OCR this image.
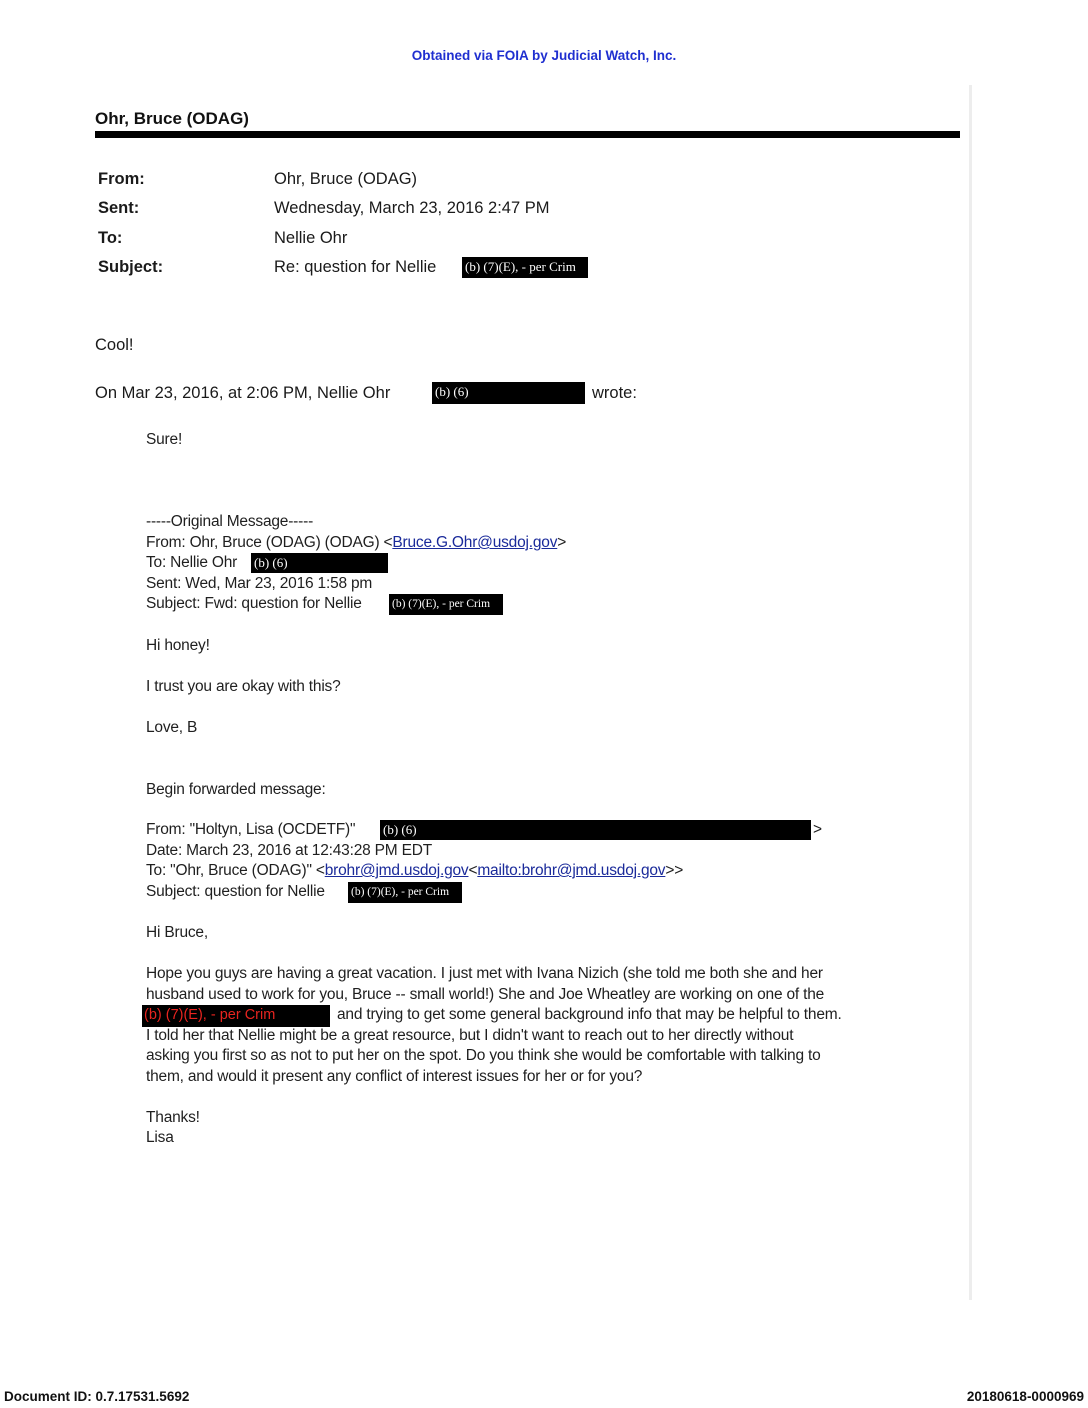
Obtained via FOIA by Judicial Watch, Inc.
Ohr, Bruce (ODAG)
From:	Ohr, Bruce (ODAG)
Sent:	Wednesday, March 23, 2016 2:47 PM
To:	Nellie Ohr
Subject:	Re: question for Nellie (b) (7)(E), - per Crim
Cool!
On Mar 23, 2016, at 2:06 PM, Nellie Ohr	(b) (6)	wrote:
Sure!
-----Original Message-----
From: Ohr, Bruce (ODAG) (ODAG) <Bruce.G.Ohr@usdoj.gov>
To: Nellie Ohr (b) (6)
Sent: Wed, Mar 23, 2016 1:58 pm
Subject: Fwd: question for Nellie	(b) (7)(E), - per Crim
Hi honey!
I trust you are okay with this?
Love, B
Begin forwarded message:
From: "Holtyn, Lisa (OCDETF)" (b) (6)	>
Date: March 23, 2016 at 12:43:28 PM EDT
To: "Ohr, Bruce (ODAG)" <brohr@jmd.usdoj.gov<mailto:brohr@jmd.usdoj.gov>>
Subject: question for Nellie (b) (7)(E), - per Crim
Hi Bruce,
Hope you guys are having a great vacation. I just met with Ivana Nizich (she told me both she and her
husband used to work for you, Bruce -- small world!) She and Joe Wheatley are working on one of the
(b) (7)(E), - per Crim	and trying to get some general background info that may be helpful to them.
I told her that Nellie might be a great resource, but I didn't want to reach out to her directly without
asking you first so as not to put her on the spot. Do you think she would be comfortable with talking to
them, and would it present any conflict of interest issues for her or for you?
Thanks!
Lisa
Document ID: 0.7.17531.5692	20180618-0000969
